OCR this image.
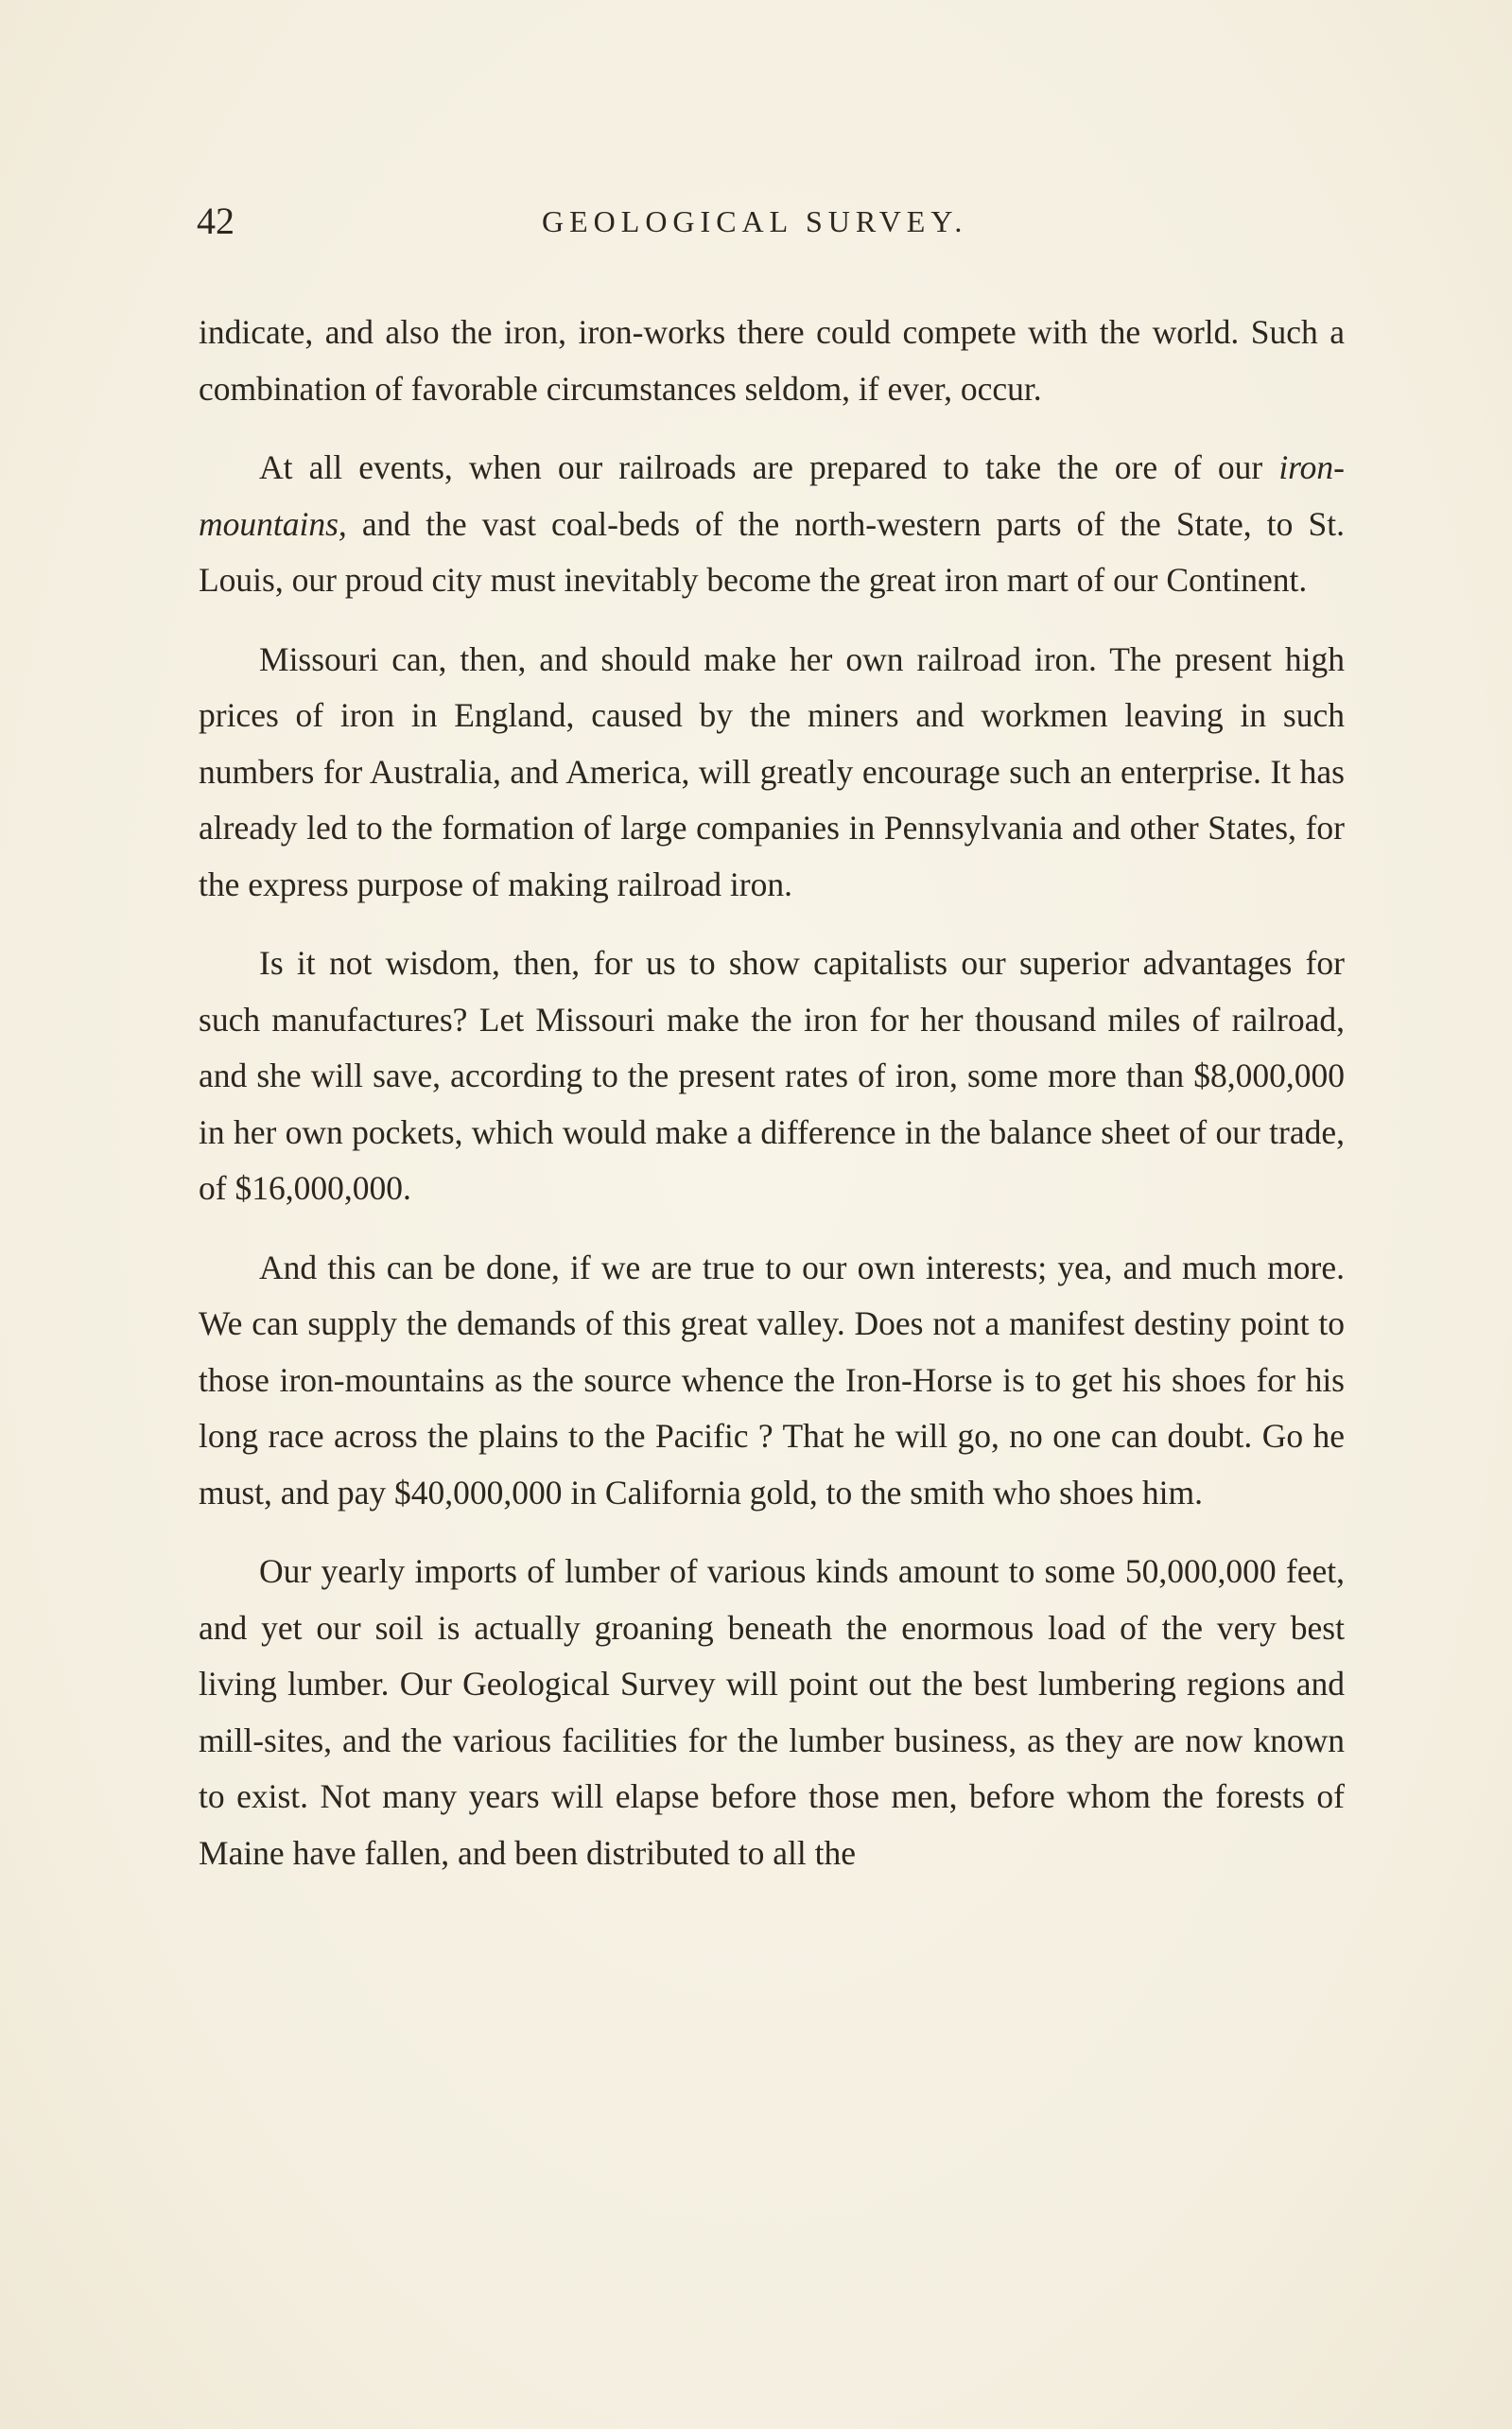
42	GEOLOGICAL SURVEY.

indicate, and also the iron, iron-works there could compete with the world. Such a combination of favorable circumstances seldom, if ever, occur.

At all events, when our railroads are prepared to take the ore of our iron-mountains, and the vast coal-beds of the north-western parts of the State, to St. Louis, our proud city must inevitably become the great iron mart of our Continent.

Missouri can, then, and should make her own railroad iron. The present high prices of iron in England, caused by the miners and workmen leaving in such numbers for Australia, and America, will greatly encourage such an enterprise. It has already led to the formation of large companies in Pennsylvania and other States, for the express purpose of making railroad iron.

Is it not wisdom, then, for us to show capitalists our superior advantages for such manufactures? Let Missouri make the iron for her thousand miles of railroad, and she will save, according to the present rates of iron, some more than $8,000,000 in her own pockets, which would make a difference in the balance sheet of our trade, of $16,000,000.

And this can be done, if we are true to our own interests; yea, and much more. We can supply the demands of this great valley. Does not a manifest destiny point to those iron-mountains as the source whence the Iron-Horse is to get his shoes for his long race across the plains to the Pacific ? That he will go, no one can doubt. Go he must, and pay $40,000,000 in California gold, to the smith who shoes him.

Our yearly imports of lumber of various kinds amount to some 50,000,000 feet, and yet our soil is actually groaning beneath the enormous load of the very best living lumber. Our Geological Survey will point out the best lumbering regions and mill-sites, and the various facilities for the lumber business, as they are now known to exist. Not many years will elapse before those men, before whom the forests of Maine have fallen, and been distributed to all the
